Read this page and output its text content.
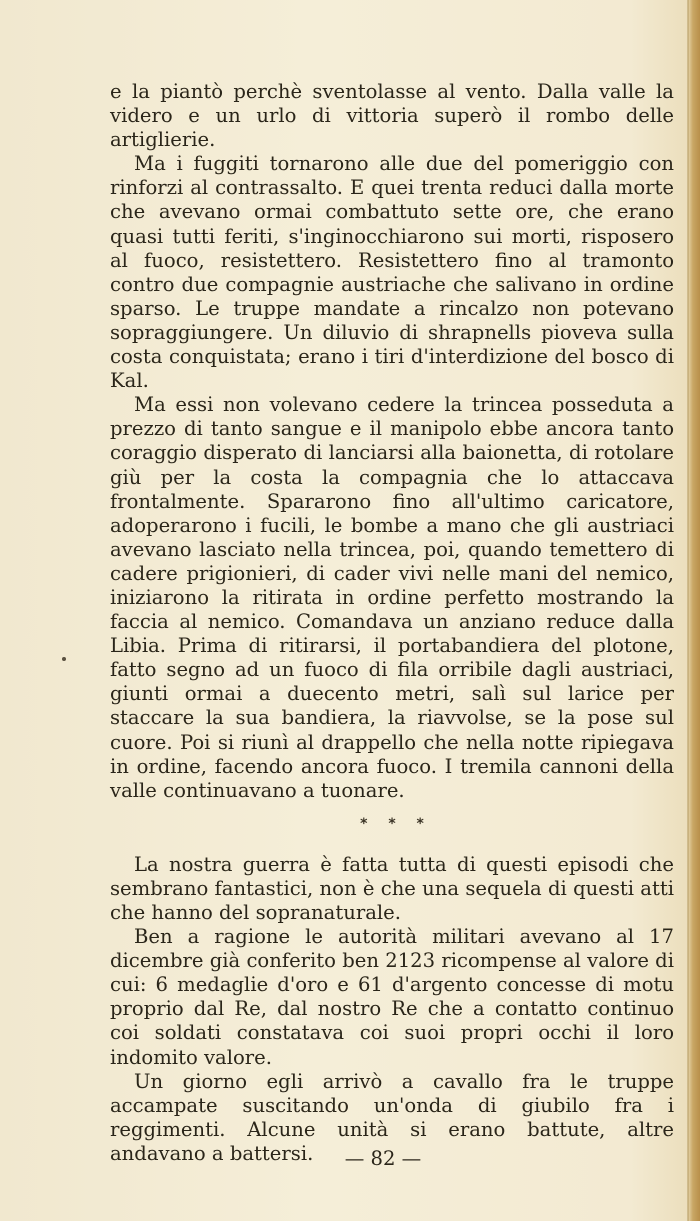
e la piantò perchè sventolasse al vento. Dalla valle la videro e un urlo di vittoria superò il rombo delle artiglierie.

Ma i fuggiti tornarono alle due del pomeriggio con rinforzi al contrassalto. E quei trenta reduci dalla morte che avevano ormai combattuto sette ore, che erano quasi tutti feriti, s'inginocchiarono sui morti, risposero al fuoco, resistettero. Resistettero fino al tramonto contro due compagnie austriache che salivano in ordine sparso. Le truppe mandate a rincalzo non potevano sopraggiungere. Un diluvio di shrapnells pioveva sulla costa conquistata; erano i tiri d'interdizione del bosco di Kal.

Ma essi non volevano cedere la trincea posseduta a prezzo di tanto sangue e il manipolo ebbe ancora tanto coraggio disperato di lanciarsi alla baionetta, di rotolare giù per la costa la compagnia che lo attaccava frontalmente. Spararono fino all'ultimo caricatore, adoperarono i fucili, le bombe a mano che gli austriaci avevano lasciato nella trincea, poi, quando temettero di cadere prigionieri, di cader vivi nelle mani del nemico, iniziarono la ritirata in ordine perfetto mostrando la faccia al nemico. Comandava un anziano reduce dalla Libia. Prima di ritirarsi, il portabandiera del plotone, fatto segno ad un fuoco di fila orribile dagli austriaci, giunti ormai a duecento metri, salì sul larice per staccare la sua bandiera, la riavvolse, se la pose sul cuore. Poi si riunì al drappello che nella notte ripiegava in ordine, facendo ancora fuoco. I tremila cannoni della valle continuavano a tuonare.

* * *

La nostra guerra è fatta tutta di questi episodi che sembrano fantastici, non è che una sequela di questi atti che hanno del sopranaturale.

Ben a ragione le autorità militari avevano al 17 dicembre già conferito ben 2123 ricompense al valore di cui: 6 medaglie d'oro e 61 d'argento concesse di motu proprio dal Re, dal nostro Re che a contatto continuo coi soldati constatava coi suoi propri occhi il loro indomito valore.

Un giorno egli arrivò a cavallo fra le truppe accampate suscitando un'onda di giubilo fra i reggimenti. Alcune unità si erano battute, altre andavano a battersi.	— 82 —
